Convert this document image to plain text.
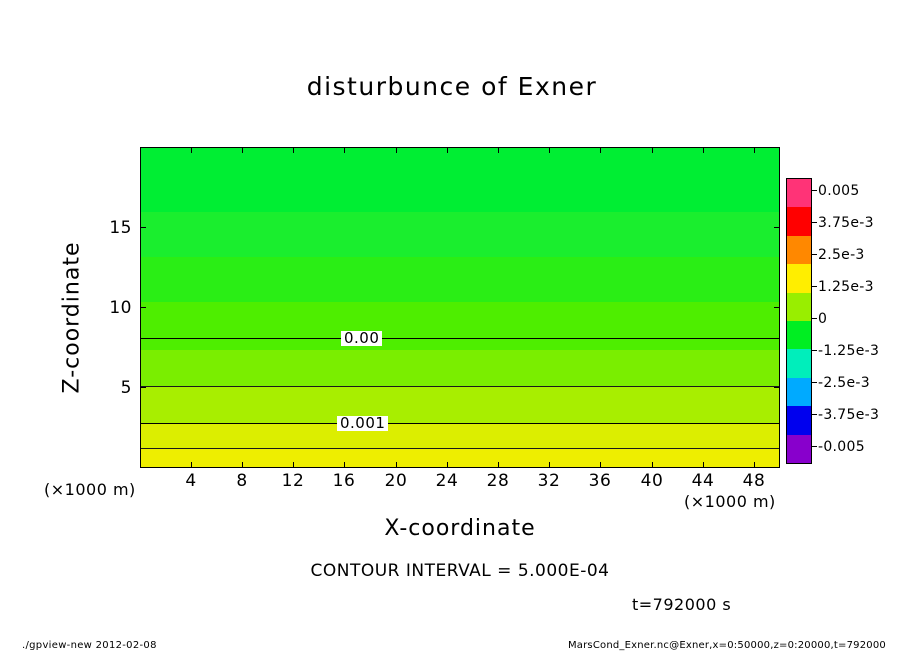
disturbunce of Exner
Z-coordinate	0.00
0.001
4	8	12	16	20	24	28	32	36	40	44	48
5
10
15
(×1000 m)
(×1000 m)
X-coordinate
CONTOUR INTERVAL = 5.000E-04
t=792000 s
0.005
3.75e-3
2.5e-3
1.25e-3
0
-1.25e-3
-2.5e-3
-3.75e-3
-0.005
./gpview-new 2012-02-08	MarsCond_Exner.nc@Exner,x=0:50000,z=0:20000,t=792000
